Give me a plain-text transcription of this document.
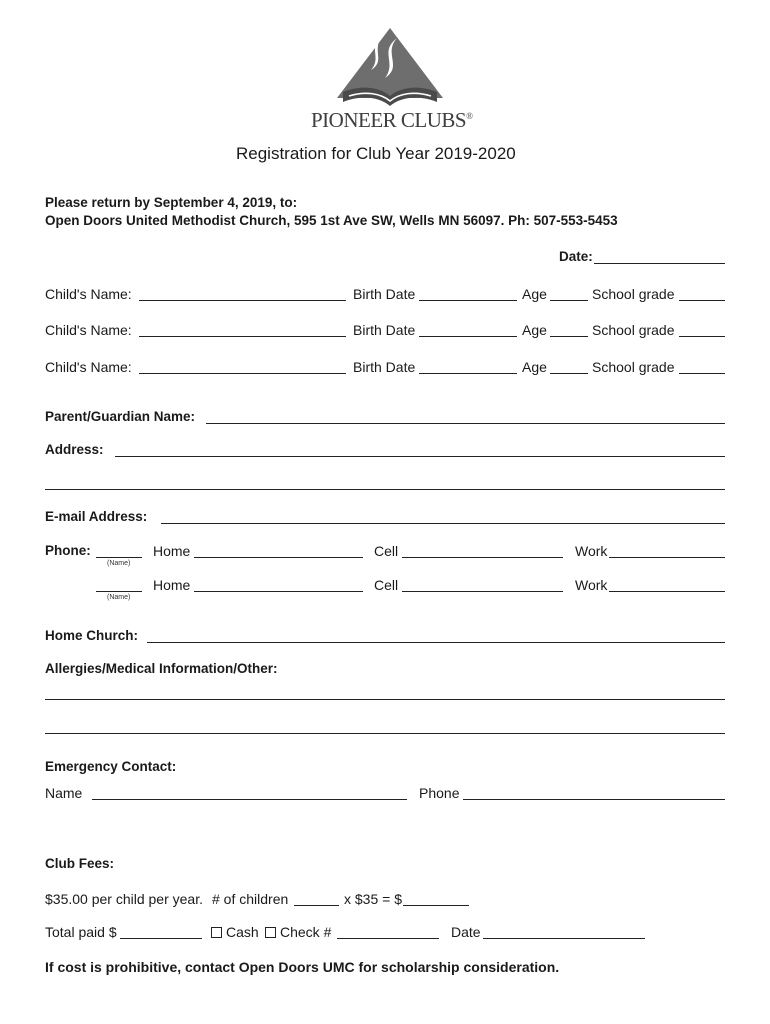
PIONEER CLUBS®
Registration for Club Year 2019-2020
Please return by September 4, 2019, to:
Open Doors United Methodist Church, 595 1st Ave SW, Wells MN 56097. Ph: 507-553-5453
Date:
Child's Name:	Birth Date	Age	School grade
Child's Name:	Birth Date	Age	School grade
Child's Name:	Birth Date	Age	School grade
Parent/Guardian Name:
Address:
E-mail Address:
Phone:
(Name)
Home	Cell	Work
(Name)
Home	Cell	Work
Home Church:
Allergies/Medical Information/Other:
Emergency Contact:
Name	Phone
Club Fees:
$35.00 per child per year. # of children	x $35 = $
Total paid $	Cash	Check #	Date
If cost is prohibitive, contact Open Doors UMC for scholarship consideration.
